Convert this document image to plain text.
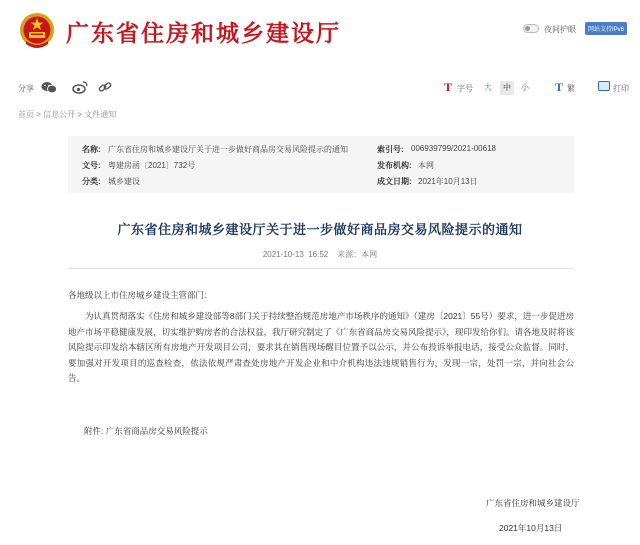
广东省住房和城乡建设厅	夜间护眼	网站支持IPv6
分享	T 字号	大	中	小 T 繁	打印
首页 > 信息公开 > 文件通知
名称: 广东省住房和城乡建设厅关于进一步做好商品房交易风险提示的通知	索引号: 006939799/2021-00618
文号: 粤建房函〔2021〕732号	发布机构: 本网
分类: 城乡建设	成文日期: 2021年10月13日
广东省住房和城乡建设厅关于进一步做好商品房交易风险提示的通知
2021-10-13  16:52    来源：本网
各地级以上市住房城乡建设主管部门:
为认真贯彻落实《住房和城乡建设部等8部门关于持续整治规范房地产市场秩序的通知》（建房〔2021〕55号）要求，进一步促进房地产市场平稳健康发展，切实维护购房者的合法权益，我厅研究制定了《广东省商品房交易风险提示》，现印发给你们。请各地及时将该风险提示印发给本辖区所有房地产开发项目公司，要求其在销售现场醒目位置予以公示，并公布投诉举报电话，接受公众监督。同时，要加强对开发项目的巡查检查，依法依规严肃查处房地产开发企业和中介机构违法违规销售行为，发现一宗，处罚一宗，并向社会公告。
附件: 广东省商品房交易风险提示
广东省住房和城乡建设厅
2021年10月13日
